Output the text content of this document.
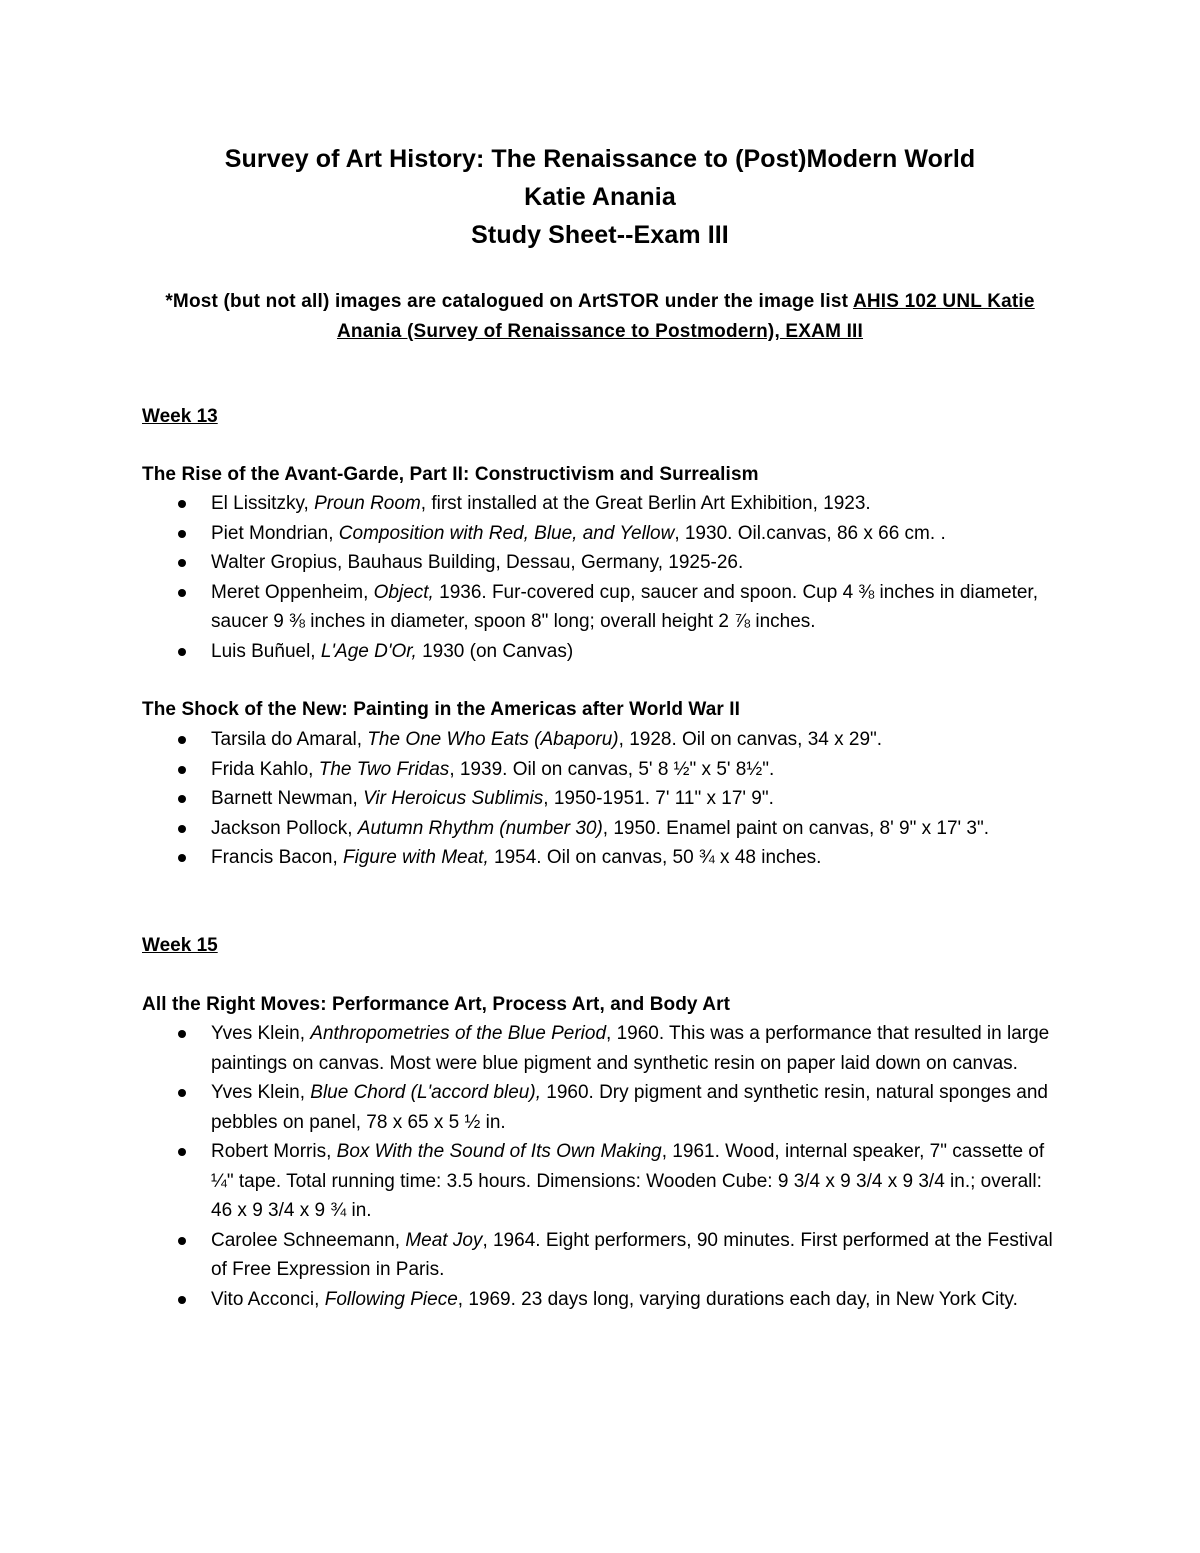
Survey of Art History: The Renaissance to (Post)Modern World
Katie Anania
Study Sheet--Exam III
*Most (but not all) images are catalogued on ArtSTOR under the image list AHIS 102 UNL Katie Anania (Survey of Renaissance to Postmodern), EXAM III
Week 13
The Rise of the Avant-Garde, Part II: Constructivism and Surrealism
El Lissitzky, Proun Room, first installed at the Great Berlin Art Exhibition, 1923.
Piet Mondrian, Composition with Red, Blue, and Yellow, 1930. Oil.canvas, 86 x 66 cm. .
Walter Gropius, Bauhaus Building, Dessau, Germany, 1925-26.
Meret Oppenheim, Object, 1936. Fur-covered cup, saucer and spoon. Cup 4 ⅜ inches in diameter, saucer 9 ⅜ inches in diameter, spoon 8" long; overall height 2 ⅞ inches.
Luis Buñuel, L'Age D'Or, 1930 (on Canvas)
The Shock of the New: Painting in the Americas after World War II
Tarsila do Amaral, The One Who Eats (Abaporu), 1928. Oil on canvas, 34 x 29".
Frida Kahlo, The Two Fridas, 1939. Oil on canvas, 5' 8 ½" x 5' 8½".
Barnett Newman, Vir Heroicus Sublimis, 1950-1951. 7' 11" x 17' 9".
Jackson Pollock, Autumn Rhythm (number 30), 1950. Enamel paint on canvas, 8' 9" x 17' 3".
Francis Bacon, Figure with Meat, 1954. Oil on canvas, 50 ¾ x 48 inches.
Week 15
All the Right Moves: Performance Art, Process Art, and Body Art
Yves Klein, Anthropometries of the Blue Period, 1960. This was a performance that resulted in large paintings on canvas. Most were blue pigment and synthetic resin on paper laid down on canvas.
Yves Klein, Blue Chord (L'accord bleu), 1960. Dry pigment and synthetic resin, natural sponges and pebbles on panel, 78 x 65 x 5 ½ in.
Robert Morris, Box With the Sound of Its Own Making, 1961. Wood, internal speaker, 7" cassette of ¼" tape. Total running time: 3.5 hours. Dimensions: Wooden Cube: 9 3/4 x 9 3/4 x 9 3/4 in.; overall: 46 x 9 3/4 x 9 ¾ in.
Carolee Schneemann, Meat Joy, 1964. Eight performers, 90 minutes. First performed at the Festival of Free Expression in Paris.
Vito Acconci, Following Piece, 1969. 23 days long, varying durations each day, in New York City.
